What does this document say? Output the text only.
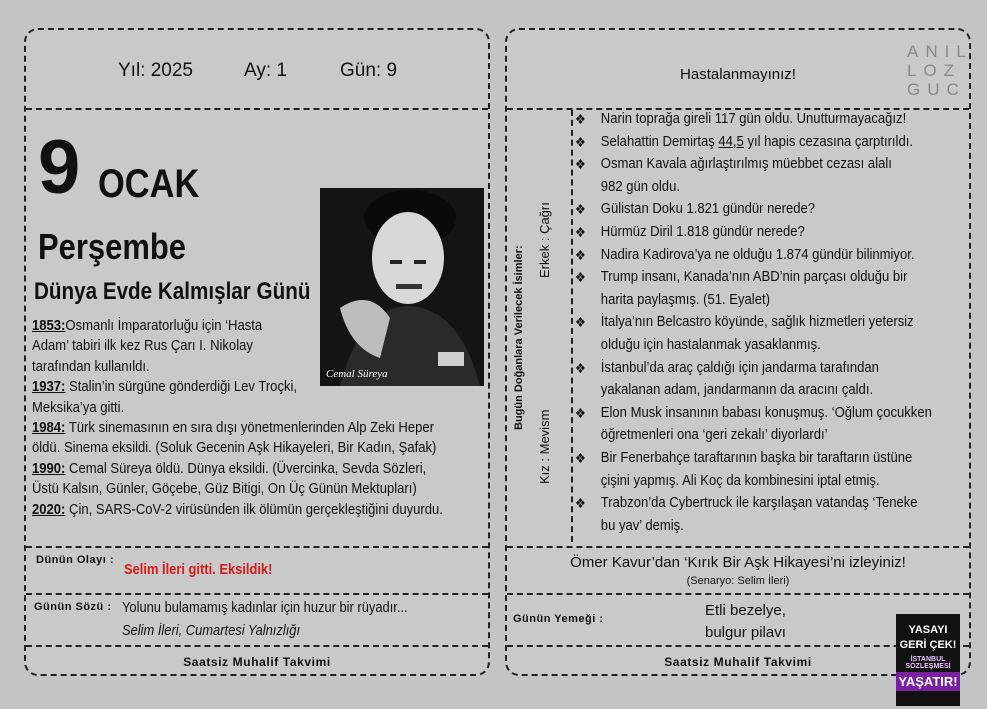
Yıl: 2025	Ay: 1	Gün: 9
9 OCAK
Perşembe
Dünya Evde Kalmışlar Günü
Cemal Süreya

1853:Osmanlı İmparatorluğu için ‘Hasta

Adam’ tabiri ilk kez Rus Çarı I. Nikolay

tarafından kullanıldı.

1937: Stalin’in sürgüne gönderdiği Lev Troçki,

Meksika’ya gitti.

1984: Türk sinemasının en sıra dışı yönetmenlerinden Alp Zeki Heper

öldü. Sinema eksildi. (Soluk Gecenin Aşk Hikayeleri, Bir Kadın, Şafak)

1990: Cemal Süreya öldü. Dünya eksildi. (Üvercinka, Sevda Sözleri,

Üstü Kalsın, Günler, Göçebe, Güz Bitigi, On Üç Günün Mektupları)

2020: Çin, SARS-CoV-2 virüsünden ilk ölümün gerçekleştiğini duyurdu.

Dünün Olayı :
Selim İleri gitti. Eksildik!
Günün Sözü : Yolunu bulamamış kadınlar için huzur bir rüyadır...
Selim İleri, Cumartesi Yalnızlığı
Saatsiz Muhalif Takvimi
Hastalanmayınız!
ANIL
LOZ
GUC
Bugün Doğanlara Verilecek İsimler:
Erkek : Çağrı
Kız : Mevism
❖ Narin toprağa gireli 117 gün oldu. Unutturmayacağız!
❖ Selahattin Demirtaş 44,5 yıl hapis cezasına çarptırıldı.
❖ Osman Kavala ağırlaştırılmış müebbet cezası alalı
982 gün oldu.
❖ Gülistan Doku 1.821 gündür nerede?
❖ Hürmüz Diril 1.818 gündür nerede?
❖ Nadira Kadirova’ya ne olduğu 1.874 gündür bilinmiyor.
❖ Trump insanı, Kanada’nın ABD’nin parçası olduğu bir
harita paylaşmış. (51. Eyalet)
❖ İtalya’nın Belcastro köyünde, sağlık hizmetleri yetersiz
olduğu için hastalanmak yasaklanmış.
❖ İstanbul’da araç çaldığı için jandarma tarafından
yakalanan adam, jandarmanın da aracını çaldı.
❖ Elon Musk insanının babası konuşmuş. ‘Oğlum çocukken
öğretmenleri ona ‘geri zekalı’ diyorlardı’
❖ Bir Fenerbahçe taraftarının başka bir taraftarın üstüne
çişini yapmış. Ali Koç da kombinesini iptal etmiş.
❖ Trabzon’da Cybertruck ile karşılaşan vatandaş ‘Teneke
bu yav’ demiş.
Ömer Kavur’dan ‘Kırık Bir Aşk Hikayesi’ni izleyiniz!
(Senaryo: Selim İleri)
Günün Yemeği :	Etli bezelye,
bulgur pilavı
Saatsiz Muhalif Takvimi
YASAYI
GERİ ÇEK!
İSTANBUL SÖZLEŞMESİ
YAŞATIR!
